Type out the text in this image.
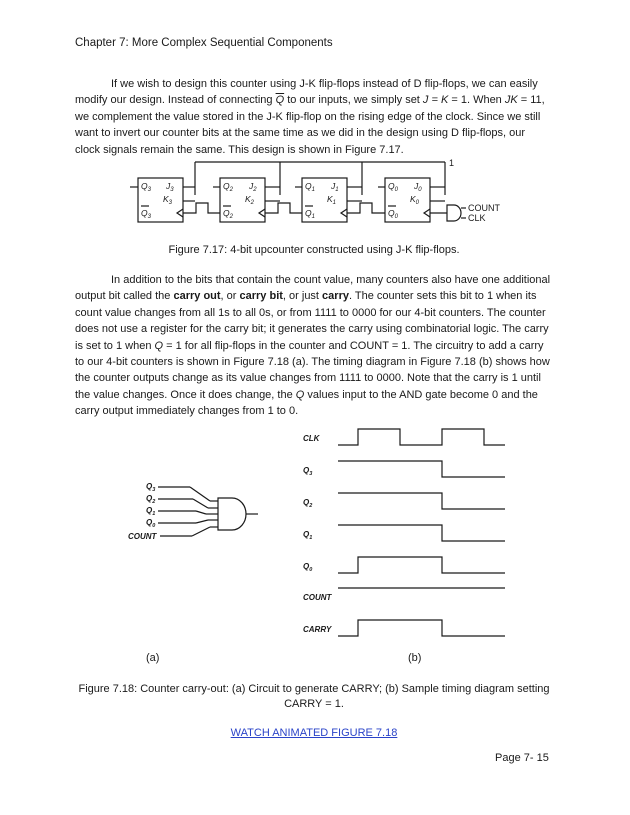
Chapter 7: More Complex Sequential Components
If we wish to design this counter using J-K flip-flops instead of D flip-flops, we can easily modify our design. Instead of connecting $\overline{Q}$ to our inputs, we simply set J = K = 1. When JK = 11, we complement the value stored in the J-K flip-flop on the rising edge of the clock. Since we still want to invert our counter bits at the same time as we did in the design using D flip-flops, our clock signals remain the same. This design is shown in Figure 7.17.
$Q_3$ $J_3$
$K_3$
$Q_3$
$Q_2$ $J_2$
$K_2$
$Q_2$
$Q_1$ $J_1$
$K_1$
$Q_1$
$Q_0$ $J_0$
$K_0$
$Q_0$
1
COUNT
CLK
Figure 7.17: 4-bit upcounter constructed using J-K flip-flops.
In addition to the bits that contain the count value, many counters also have one additional output bit called the carry out, or carry bit, or just carry. The counter sets this bit to 1 when its count value changes from all 1s to all 0s, or from 1111 to 0000 for our 4-bit counters. The counter does not use a register for the carry bit; it generates the carry using combinatorial logic. The carry is set to 1 when Q = 1 for all flip-flops in the counter and COUNT = 1. The circuitry to add a carry to our 4-bit counters is shown in Figure 7.18 (a). The timing diagram in Figure 7.18 (b) shows how the counter outputs change as its value changes from 1111 to 0000. Note that the carry is 1 until the value changes. Once it does change, the Q values input to the AND gate become 0 and the carry output immediately changes from 1 to 0.
$Q_3$
$Q_2$
$Q_1$
$Q_0$
COUNT
CLK
$Q_3$
$Q_2$
$Q_1$
$Q_0$
COUNT
CARRY
(a)	(b)
Figure 7.18: Counter carry-out: (a) Circuit to generate CARRY; (b) Sample timing diagram setting CARRY = 1.
WATCH ANIMATED FIGURE 7.18
Page 7- 15
